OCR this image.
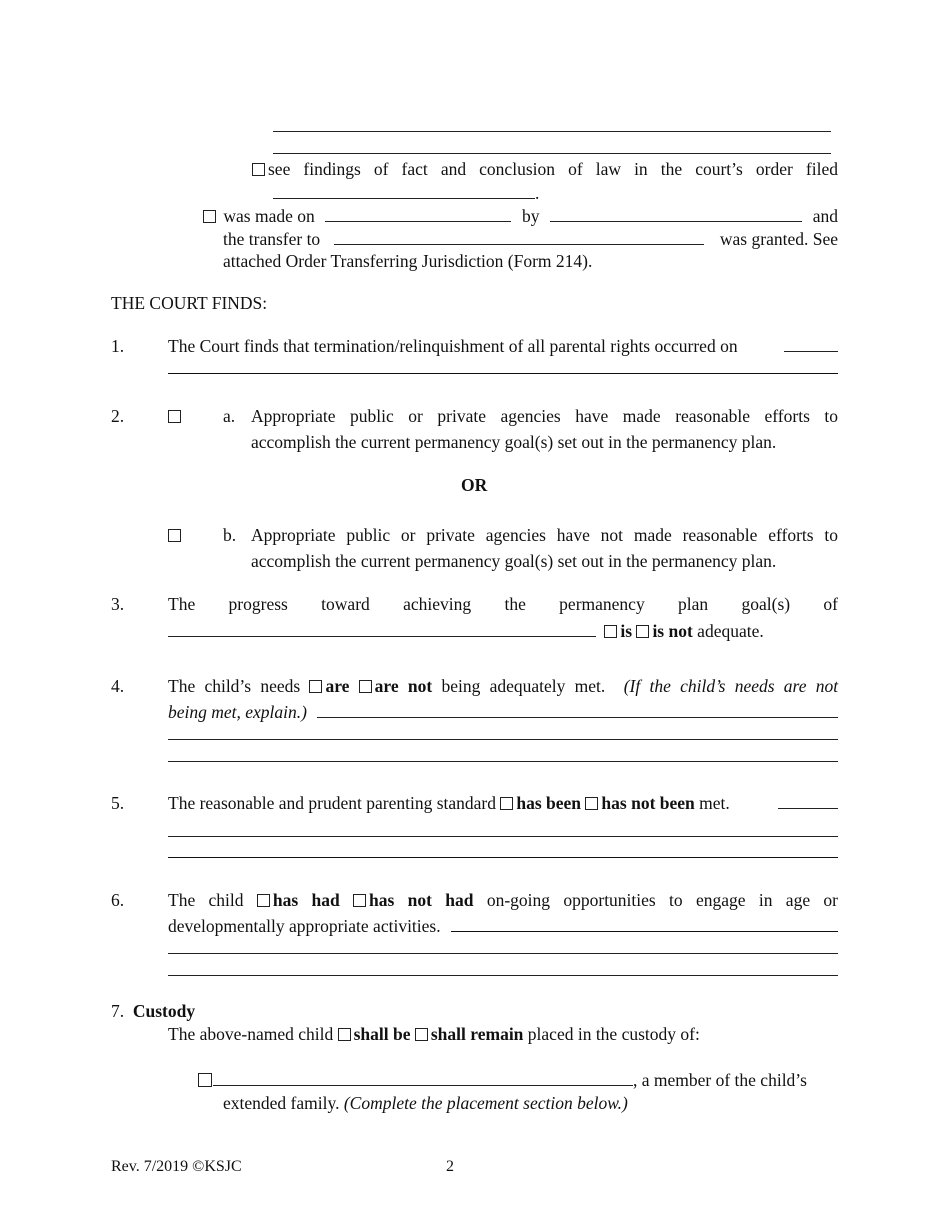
see findings of fact and conclusion of law in the court’s order filed
.
was made on	by	and
the transfer to	was granted. See
attached Order Transferring Jurisdiction (Form 214).
THE COURT FINDS:
1.	The Court finds that termination/relinquishment of all parental rights occurred on
2.	a. Appropriate public or private agencies have made reasonable efforts to
accomplish the current permanency goal(s) set out in the permanency plan.
OR
b. Appropriate public or private agencies have not made reasonable efforts to
accomplish the current permanency goal(s) set out in the permanency plan.
3.	The progress toward achieving the permanency plan goal(s) of
is is not adequate.
4.	The child’s needs are are not being adequately met. (If the child’s needs are not
being met, explain.)
5.	The reasonable and prudent parenting standard has been has not been met.
6.	The child has had has not had on-going opportunities to engage in age or
developmentally appropriate activities.
7. Custody
The above-named child shall be shall remain placed in the custody of:
, a member of the child’s
extended family. (Complete the placement section below.)
Rev. 7/2019 ©KSJC	2
